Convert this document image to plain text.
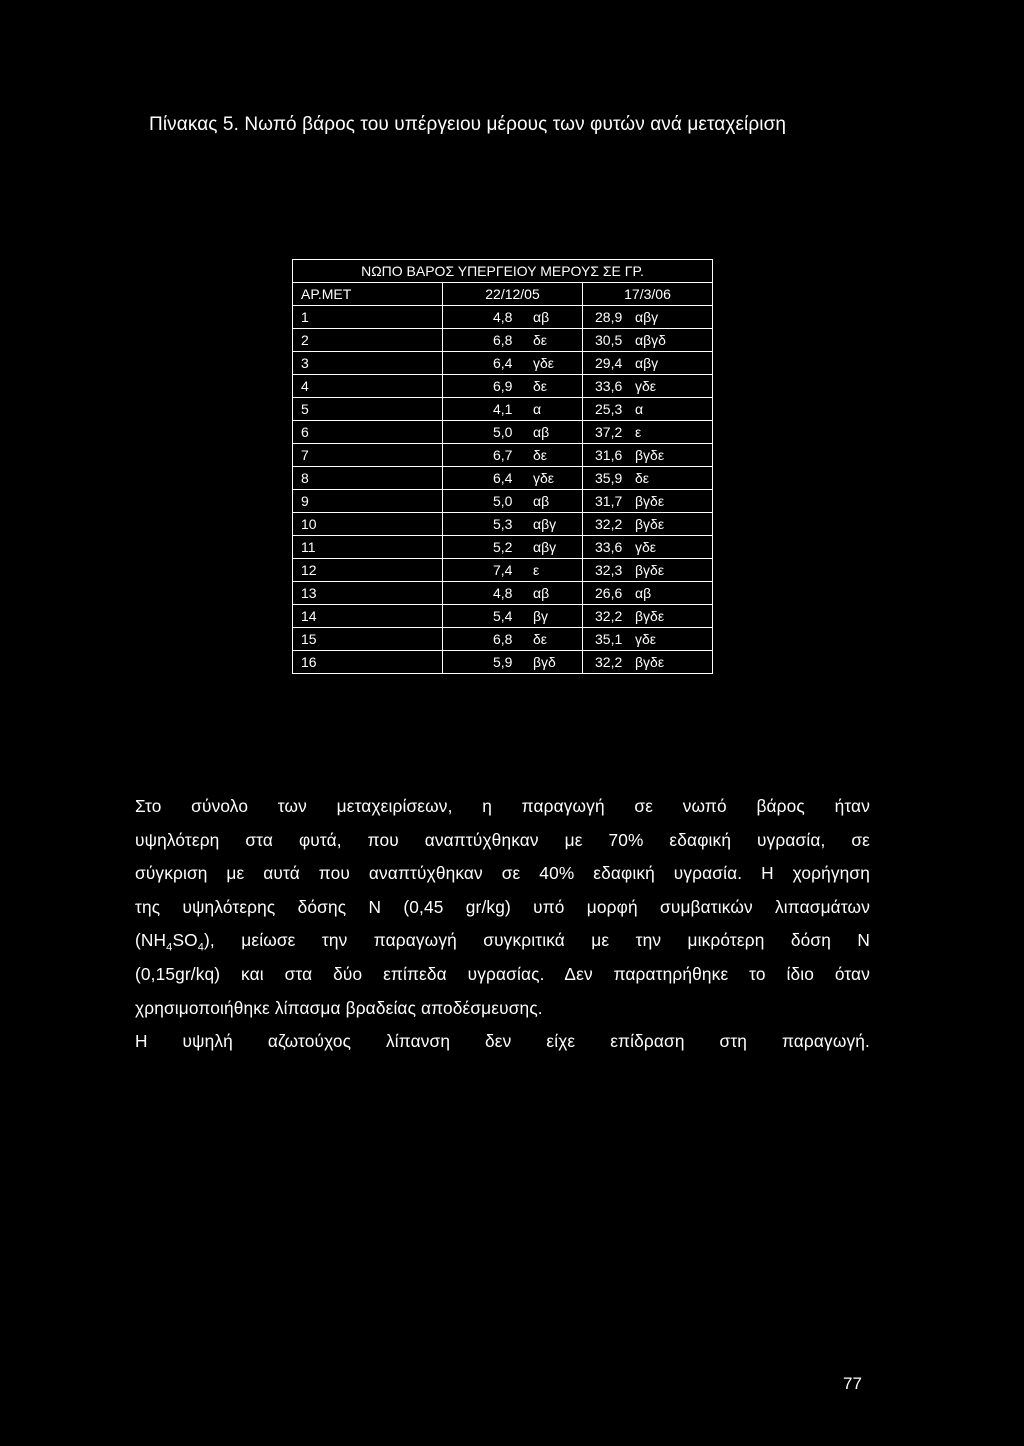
Πίνακας 5. Νωπό βάρος του υπέργειου μέρους των φυτών ανά μεταχείριση
ΝΩΠΟ ΒΑΡΟΣ ΥΠΕΡΓΕΙΟΥ ΜΕΡΟΥΣ ΣΕ ΓΡ.		
ΑΡ.ΜΕΤ	22/12/05	17/3/06
1	4,8 αβ	28,9 αβγ
2	6,8 δε	30,5 αβγδ
3	6,4 γδε	29,4 αβγ
4	6,9 δε	33,6 γδε
5	4,1 α	25,3 α
6	5,0 αβ	37,2 ε
7	6,7 δε	31,6 βγδε
8	6,4 γδε	35,9 δε
9	5,0 αβ	31,7 βγδε
10	5,3 αβγ	32,2 βγδε
11	5,2 αβγ	33,6 γδε
12	7,4 ε	32,3 βγδε
13	4,8 αβ	26,6 αβ
14	5,4 βγ	32,2 βγδε
15	6,8 δε	35,1 γδε
16	5,9 βγδ	32,2 βγδε
Στο σύνολο των μεταχειρίσεων, η παραγωγή σε νωπό βάρος ήταν
υψηλότερη στα φυτά, που αναπτύχθηκαν με 70% εδαφική υγρασία, σε
σύγκριση με αυτά που αναπτύχθηκαν σε 40% εδαφική υγρασία. Η χορήγηση
της υψηλότερης δόσης Ν (0,45 gr/kg) υπό μορφή συμβατικών λιπασμάτων
$(NH_4SO_4)$, μείωσε την παραγωγή συγκριτικά με την μικρότερη δόση Ν
(0,15gr/kq) και στα δύο επίπεδα υγρασίας. Δεν παρατηρήθηκε το ίδιο όταν
χρησιμοποιήθηκε λίπασμα βραδείας αποδέσμευσης.
Η υψηλή αζωτούχος λίπανση δεν είχε επίδραση στη παραγωγή.
77
